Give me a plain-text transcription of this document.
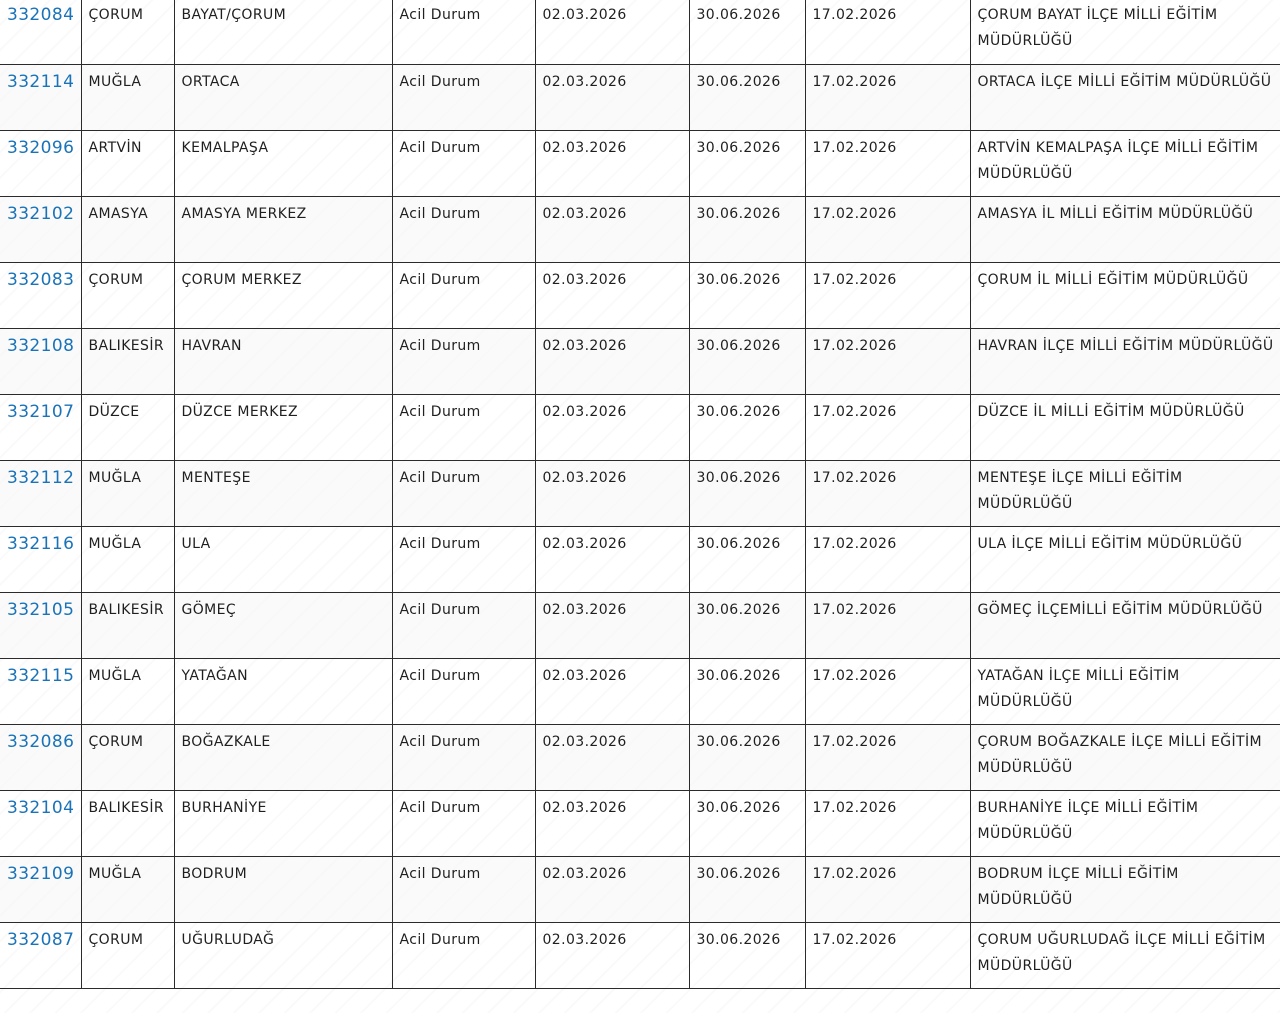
332084	ÇORUM	BAYAT/ÇORUM	Acil Durum	02.03.2026	30.06.2026	17.02.2026	ÇORUM BAYAT İLÇE MİLLİ EĞİTİM MÜDÜRLÜĞÜ

332114	MUĞLA	ORTACA	Acil Durum	02.03.2026	30.06.2026	17.02.2026	ORTACA İLÇE MİLLİ EĞİTİM MÜDÜRLÜĞÜ

332096	ARTVİN	KEMALPAŞA	Acil Durum	02.03.2026	30.06.2026	17.02.2026	ARTVİN KEMALPAŞA İLÇE MİLLİ EĞİTİM MÜDÜRLÜĞÜ

332102	AMASYA	AMASYA MERKEZ	Acil Durum	02.03.2026	30.06.2026	17.02.2026	AMASYA İL MİLLİ EĞİTİM MÜDÜRLÜĞÜ

332083	ÇORUM	ÇORUM MERKEZ	Acil Durum	02.03.2026	30.06.2026	17.02.2026	ÇORUM İL MİLLİ EĞİTİM MÜDÜRLÜĞÜ

332108	BALIKESİR	HAVRAN	Acil Durum	02.03.2026	30.06.2026	17.02.2026	HAVRAN İLÇE MİLLİ EĞİTİM MÜDÜRLÜĞÜ

332107	DÜZCE	DÜZCE MERKEZ	Acil Durum	02.03.2026	30.06.2026	17.02.2026	DÜZCE İL MİLLİ EĞİTİM MÜDÜRLÜĞÜ

332112	MUĞLA	MENTEŞE	Acil Durum	02.03.2026	30.06.2026	17.02.2026	MENTEŞE İLÇE MİLLİ EĞİTİM MÜDÜRLÜĞÜ

332116	MUĞLA	ULA	Acil Durum	02.03.2026	30.06.2026	17.02.2026	ULA İLÇE MİLLİ EĞİTİM MÜDÜRLÜĞÜ

332105	BALIKESİR	GÖMEÇ	Acil Durum	02.03.2026	30.06.2026	17.02.2026	GÖMEÇ İLÇEMİLLİ EĞİTİM MÜDÜRLÜĞÜ

332115	MUĞLA	YATAĞAN	Acil Durum	02.03.2026	30.06.2026	17.02.2026	YATAĞAN İLÇE MİLLİ EĞİTİM MÜDÜRLÜĞÜ

332086	ÇORUM	BOĞAZKALE	Acil Durum	02.03.2026	30.06.2026	17.02.2026	ÇORUM BOĞAZKALE İLÇE MİLLİ EĞİTİM MÜDÜRLÜĞÜ

332104	BALIKESİR	BURHANİYE	Acil Durum	02.03.2026	30.06.2026	17.02.2026	BURHANİYE İLÇE MİLLİ EĞİTİM MÜDÜRLÜĞÜ

332109	MUĞLA	BODRUM	Acil Durum	02.03.2026	30.06.2026	17.02.2026	BODRUM İLÇE MİLLİ EĞİTİM MÜDÜRLÜĞÜ

332087	ÇORUM	UĞURLUDAĞ	Acil Durum	02.03.2026	30.06.2026	17.02.2026	ÇORUM UĞURLUDAĞ İLÇE MİLLİ EĞİTİM MÜDÜRLÜĞÜ
